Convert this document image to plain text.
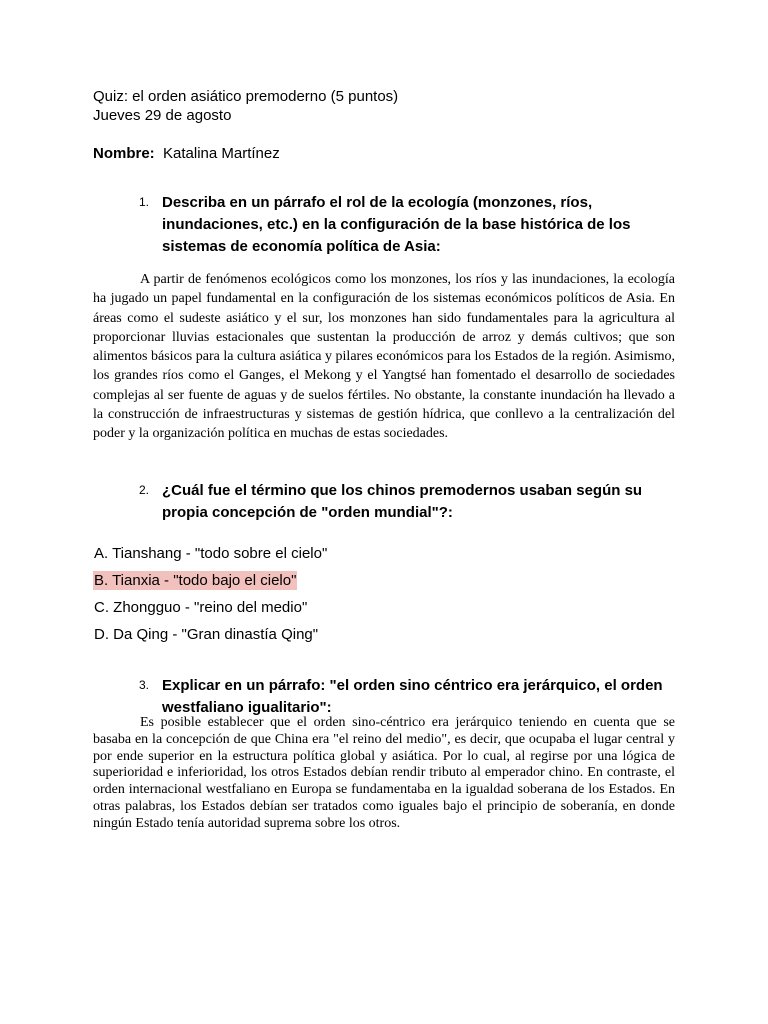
Quiz: el orden asiático premoderno (5 puntos)
Jueves 29 de agosto
Nombre: Katalina Martínez
1. Describa en un párrafo el rol de la ecología (monzones, ríos, inundaciones, etc.) en la configuración de la base histórica de los sistemas de economía política de Asia:
A partir de fenómenos ecológicos como los monzones, los ríos y las inundaciones, la ecología ha jugado un papel fundamental en la configuración de los sistemas económicos políticos de Asia. En áreas como el sudeste asiático y el sur, los monzones han sido fundamentales para la agricultura al proporcionar lluvias estacionales que sustentan la producción de arroz y demás cultivos; que son alimentos básicos para la cultura asiática y pilares económicos para los Estados de la región. Asimismo, los grandes ríos como el Ganges, el Mekong y el Yangtsé han fomentado el desarrollo de sociedades complejas al ser fuente de aguas y de suelos fértiles. No obstante, la constante inundación ha llevado a la construcción de infraestructuras y sistemas de gestión hídrica, que conllevo a la centralización del poder y la organización política en muchas de estas sociedades.
2. ¿Cuál fue el término que los chinos premodernos usaban según su propia concepción de "orden mundial"?:
A. Tianshang - "todo sobre el cielo"
B. Tianxia - "todo bajo el cielo"
C. Zhongguo - "reino del medio"
D. Da Qing - "Gran dinastía Qing"
3. Explicar en un párrafo: "el orden sino céntrico era jerárquico, el orden westfaliano igualitario":
Es posible establecer que el orden sino-céntrico era jerárquico teniendo en cuenta que se basaba en la concepción de que China era "el reino del medio", es decir, que ocupaba el lugar central y por ende superior en la estructura política global y asiática. Por lo cual, al regirse por una lógica de superioridad e inferioridad, los otros Estados debían rendir tributo al emperador chino. En contraste, el orden internacional westfaliano en Europa se fundamentaba en la igualdad soberana de los Estados. En otras palabras, los Estados debían ser tratados como iguales bajo el principio de soberanía, en donde ningún Estado tenía autoridad suprema sobre los otros.
